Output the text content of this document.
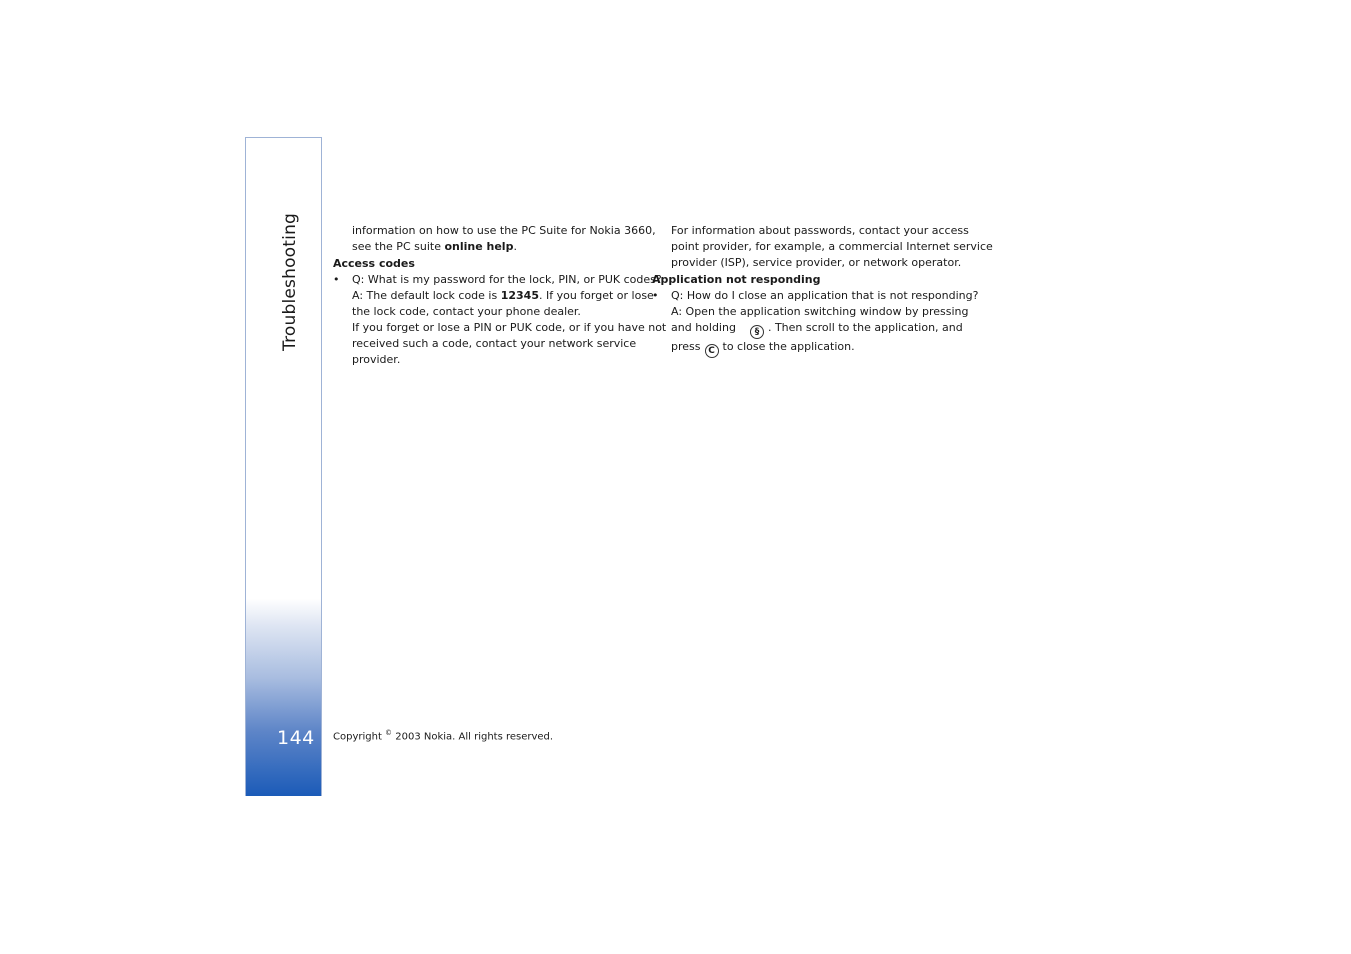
Troubleshooting
144

information on how to use the PC Suite for Nokia 3660,
see the PC suite online help.

Access codes

• Q: What is my password for the lock, PIN, or PUK codes?
A: The default lock code is 12345. If you forget or lose
the lock code, contact your phone dealer.
If you forget or lose a PIN or PUK code, or if you have not
received such a code, contact your network service
provider.

For information about passwords, contact your access
point provider, for example, a commercial Internet service
provider (ISP), service provider, or network operator.

Application not responding

• Q: How do I close an application that is not responding?
A: Open the application switching window by pressing
and holding § . Then scroll to the application, and
press C to close the application.
Copyright © 2003 Nokia. All rights reserved.
